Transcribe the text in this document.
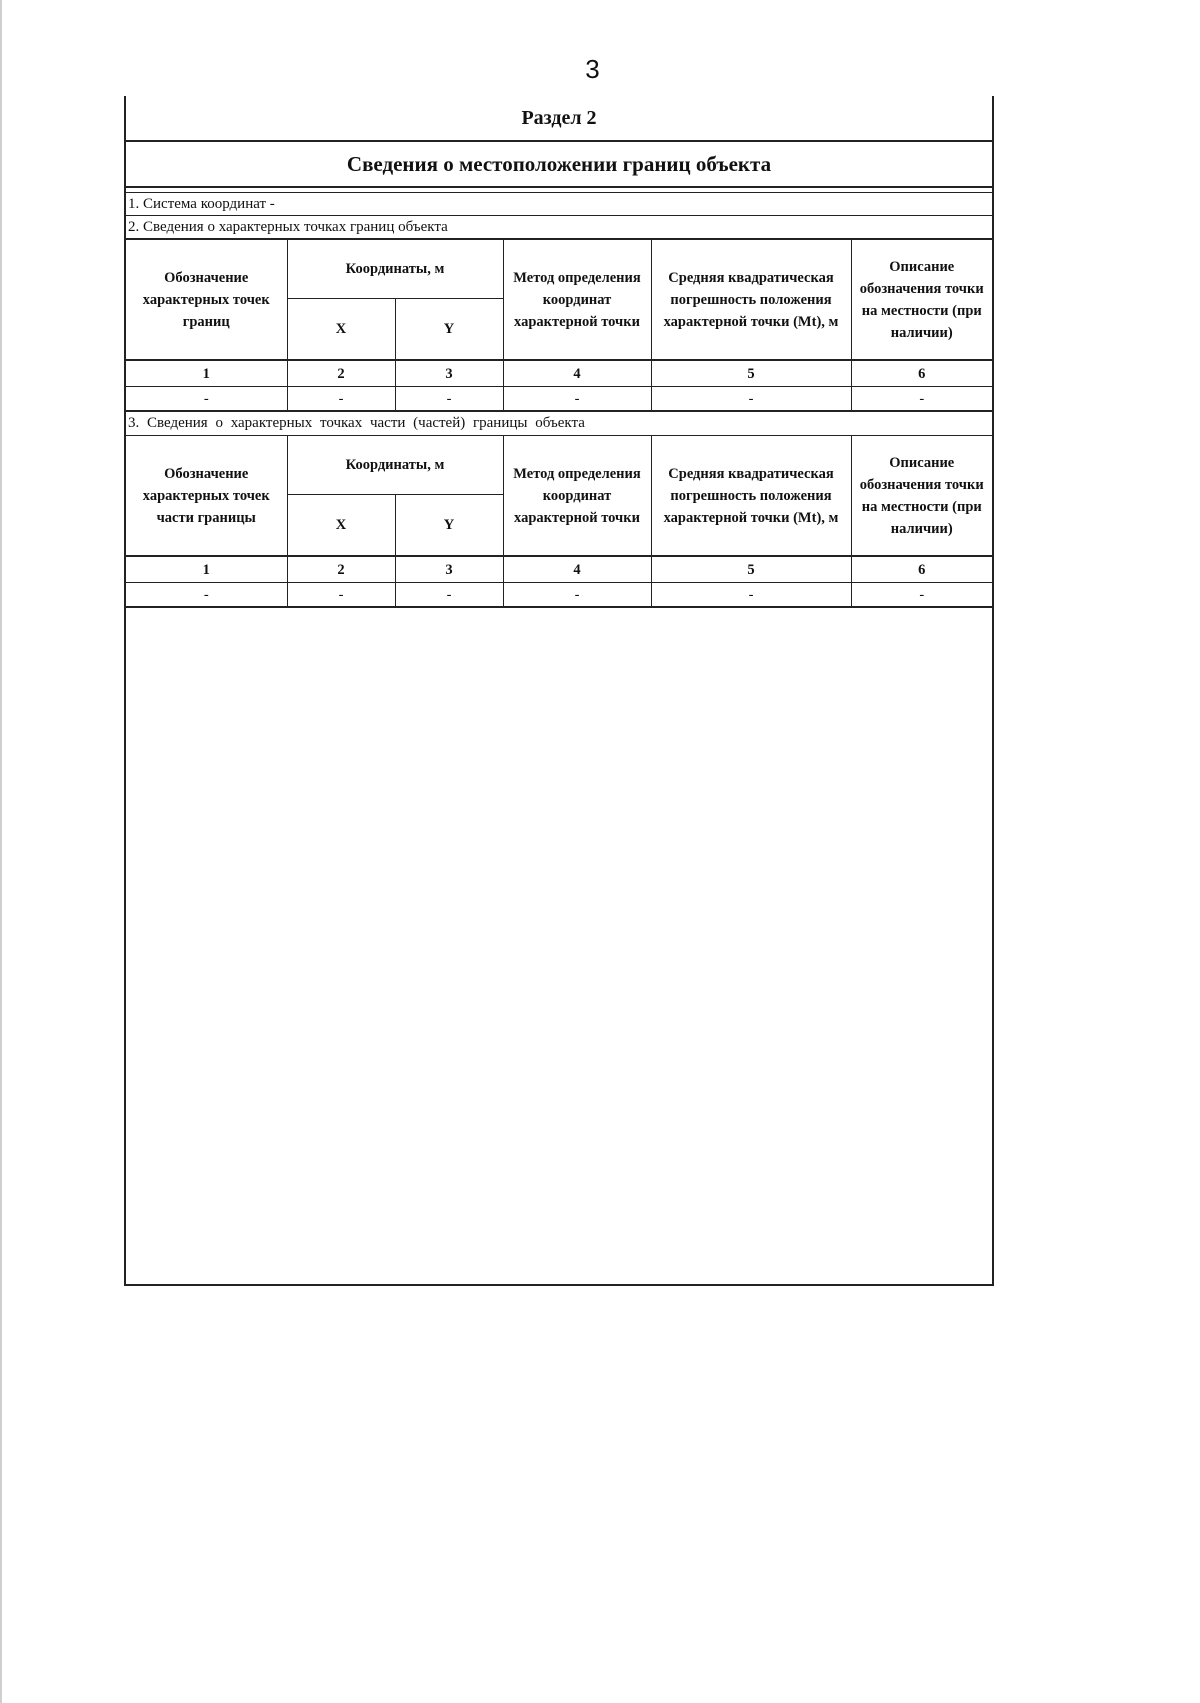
3
Раздел 2
Сведения о местоположении границ объекта
1. Система координат -
2. Сведения о характерных точках границ объекта
Обозначение характерных точек границ	Координаты, м		Метод определения координат характерной точки	Средняя квадратическая погрешность положения характерной точки (Mt), м	Описание обозначения точки на местности (при наличии)
	X	Y			
1	2	3	4	5	6
-	-	-	-	-	-
3. Сведения о характерных точках части (частей) границы объекта
Обозначение характерных точек части границы	Координаты, м		Метод определения координат характерной точки	Средняя квадратическая погрешность положения характерной точки (Mt), м	Описание обозначения точки на местности (при наличии)
	X	Y			
1	2	3	4	5	6
-	-	-	-	-	-
